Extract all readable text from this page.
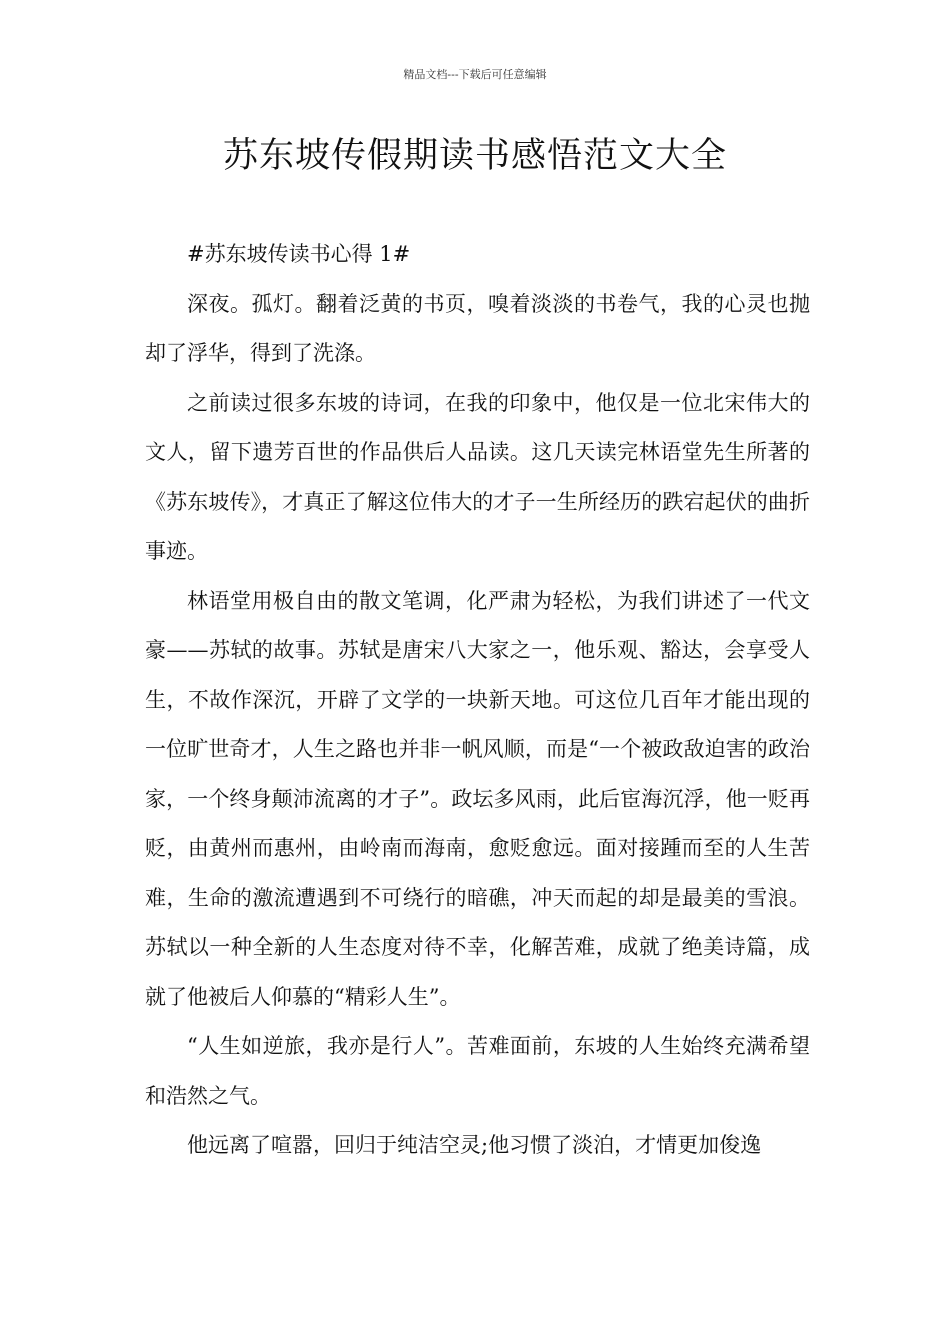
精品文档---下载后可任意编辑
苏东坡传假期读书感悟范文大全

#苏东坡传读书心得 1#

深夜。孤灯。翻着泛黄的书页，嗅着淡淡的书卷气，我的心灵也抛却了浮华，得到了洗涤。

之前读过很多东坡的诗词，在我的印象中，他仅是一位北宋伟大的文人，留下遗芳百世的作品供后人品读。这几天读完林语堂先生所著的《苏东坡传》，才真正了解这位伟大的才子一生所经历的跌宕起伏的曲折事迹。

林语堂用极自由的散文笔调，化严肃为轻松，为我们讲述了一代文豪——苏轼的故事。苏轼是唐宋八大家之一，他乐观、豁达，会享受人生，不故作深沉，开辟了文学的一块新天地。可这位几百年才能出现的一位旷世奇才，人生之路也并非一帆风顺，而是“一个被政敌迫害的政治家，一个终身颠沛流离的才子”。政坛多风雨，此后宦海沉浮，他一贬再贬，由黄州而惠州，由岭南而海南，愈贬愈远。面对接踵而至的人生苦难，生命的激流遭遇到不可绕行的暗礁，冲天而起的却是最美的雪浪。苏轼以一种全新的人生态度对待不幸，化解苦难，成就了绝美诗篇，成就了他被后人仰慕的“精彩人生”。

“人生如逆旅，我亦是行人”。苦难面前，东坡的人生始终充满希望和浩然之气。

他远离了喧嚣，回归于纯洁空灵;他习惯了淡泊，才情更加俊逸
